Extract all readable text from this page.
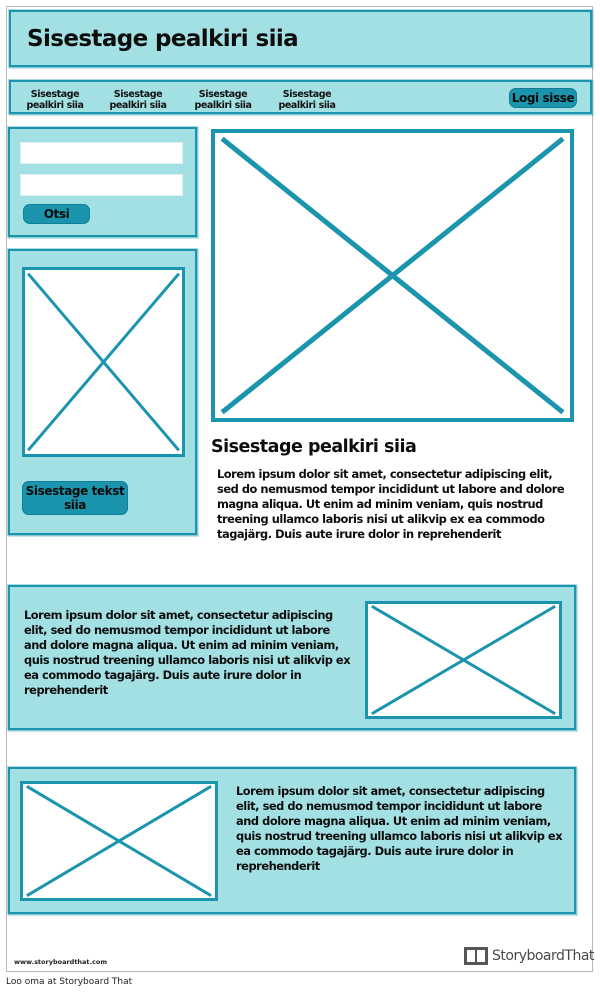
Sisestage pealkiri siia
Sisestage pealkiri siia
Sisestage pealkiri siia
Sisestage pealkiri siia
Sisestage pealkiri siia
Logi sisse
Otsi
Sisestage tekst siia
Sisestage pealkiri siia
Lorem ipsum dolor sit amet, consectetur adipiscing elit, sed do nemusmod tempor incididunt ut labore and dolore magna aliqua. Ut enim ad minim veniam, quis nostrud treening ullamco laboris nisi ut alikvip ex ea commodo tagajärg. Duis aute irure dolor in reprehenderit
Lorem ipsum dolor sit amet, consectetur adipiscing elit, sed do nemusmod tempor incididunt ut labore and dolore magna aliqua. Ut enim ad minim veniam, quis nostrud treening ullamco laboris nisi ut alikvip ex ea commodo tagajärg. Duis aute irure dolor in reprehenderit
Lorem ipsum dolor sit amet, consectetur adipiscing elit, sed do nemusmod tempor incididunt ut labore and dolore magna aliqua. Ut enim ad minim veniam, quis nostrud treening ullamco laboris nisi ut alikvip ex ea commodo tagajärg. Duis aute irure dolor in reprehenderit
www.storyboardthat.com	StoryboardThat
Loo oma at Storyboard That
